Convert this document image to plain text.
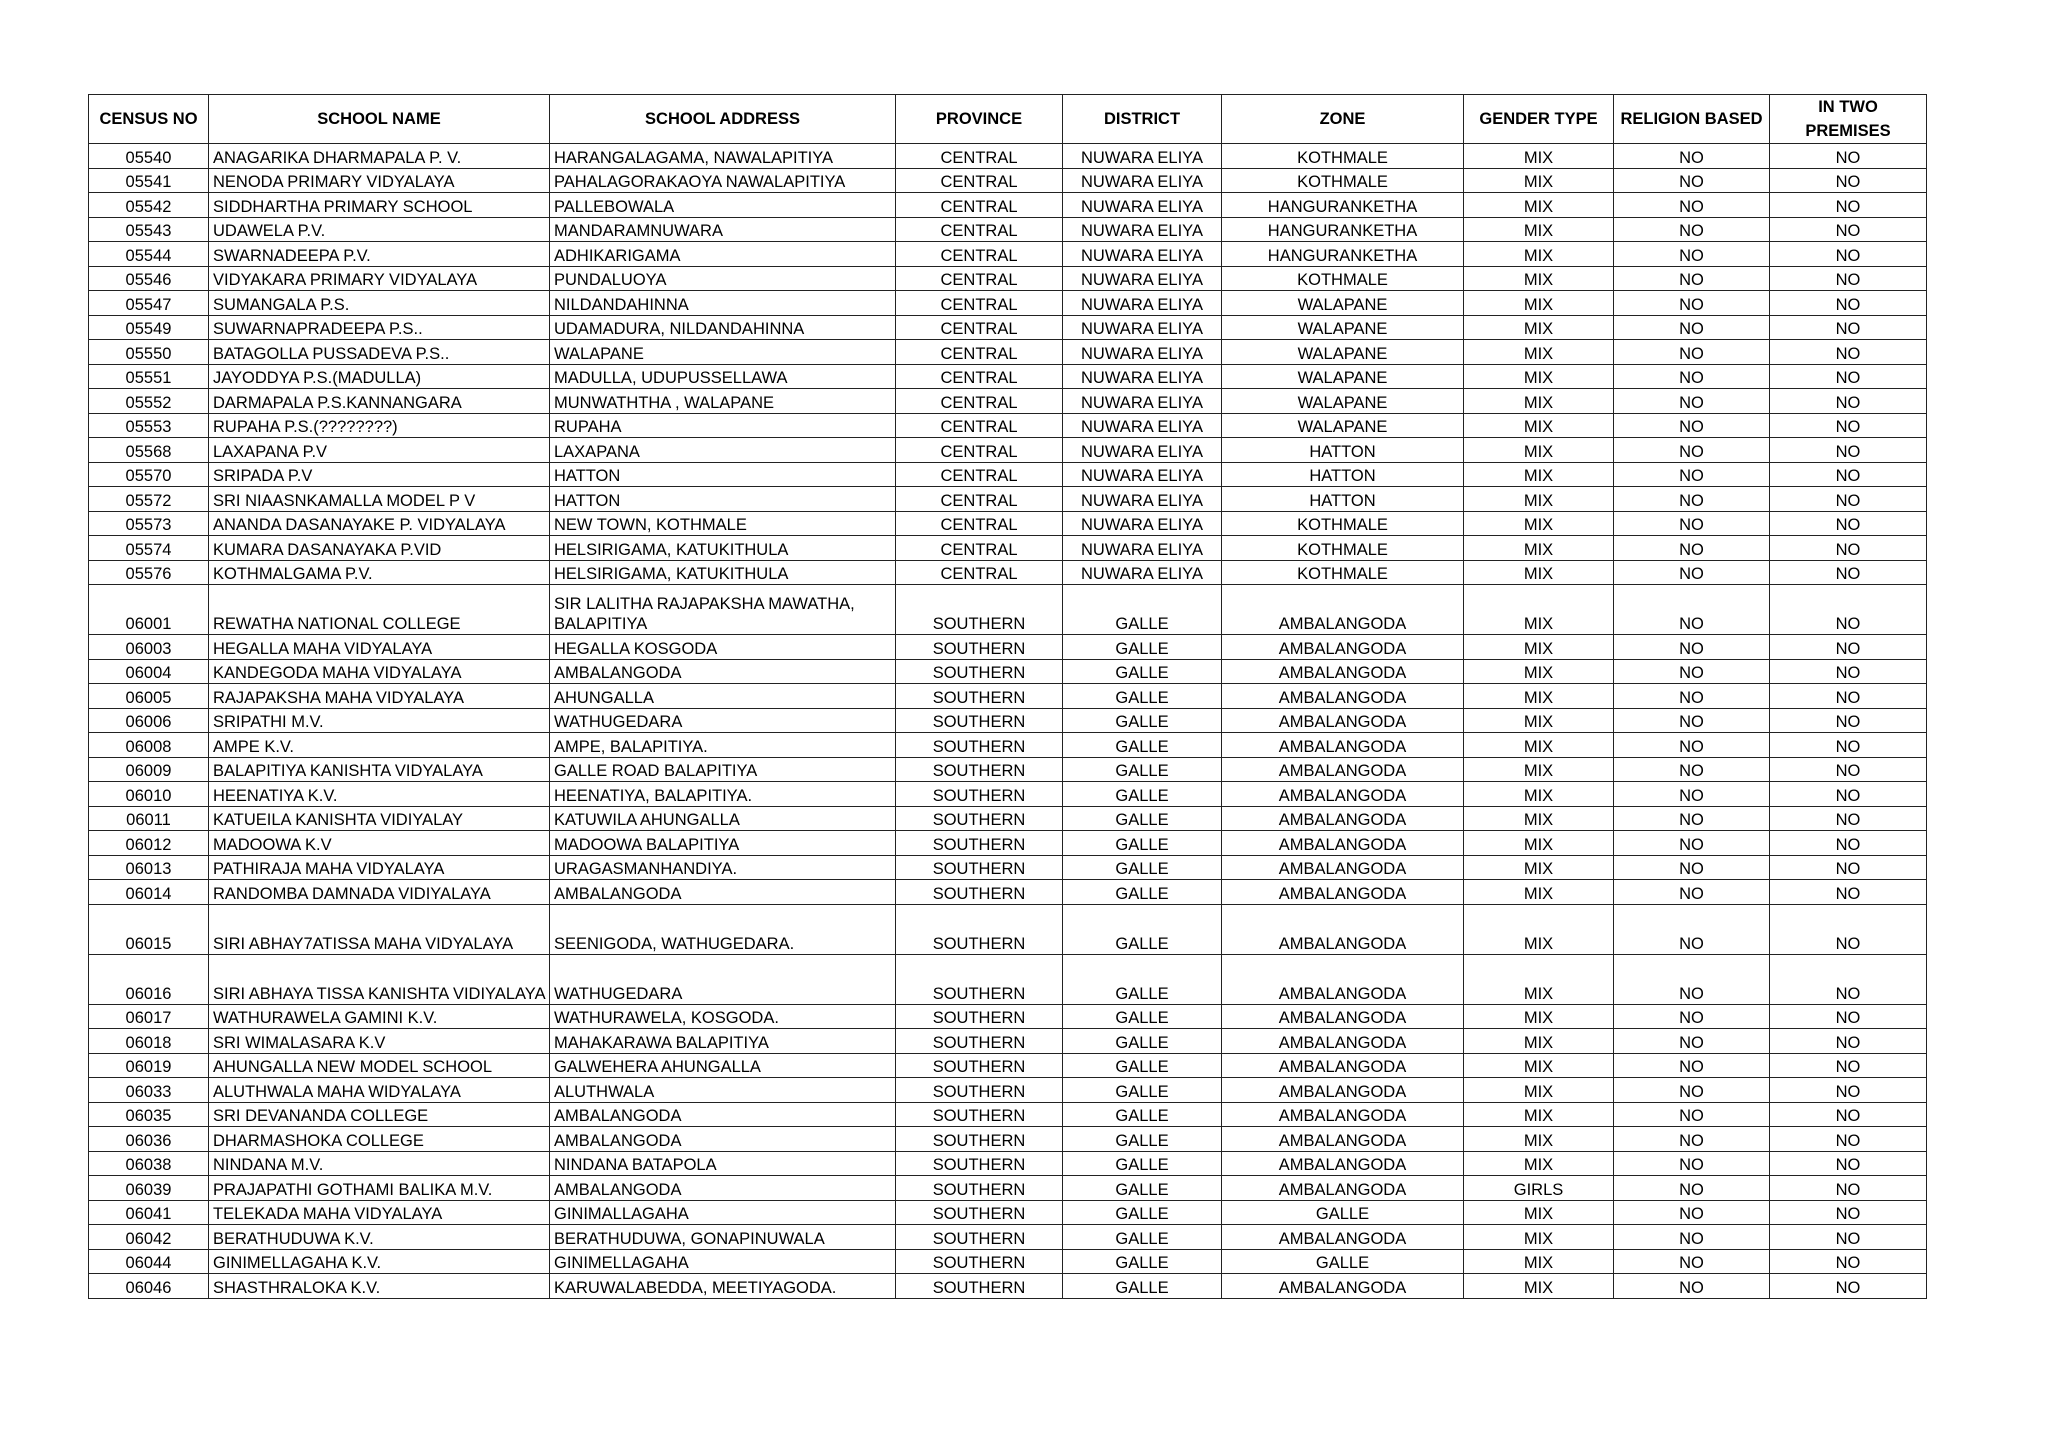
CENSUS NO	SCHOOL NAME	SCHOOL ADDRESS	PROVINCE	DISTRICT	ZONE	GENDER TYPE	RELIGION BASED	IN TWO PREMISES
05540	ANAGARIKA DHARMAPALA P. V.	HARANGALAGAMA, NAWALAPITIYA	CENTRAL	NUWARA ELIYA	KOTHMALE	MIX	NO	NO
05541	NENODA PRIMARY VIDYALAYA	PAHALAGORAKAOYA NAWALAPITIYA	CENTRAL	NUWARA ELIYA	KOTHMALE	MIX	NO	NO
05542	SIDDHARTHA PRIMARY SCHOOL	PALLEBOWALA	CENTRAL	NUWARA ELIYA	HANGURANKETHA	MIX	NO	NO
05543	UDAWELA P.V.	MANDARAMNUWARA	CENTRAL	NUWARA ELIYA	HANGURANKETHA	MIX	NO	NO
05544	SWARNADEEPA P.V.	ADHIKARIGAMA	CENTRAL	NUWARA ELIYA	HANGURANKETHA	MIX	NO	NO
05546	VIDYAKARA PRIMARY VIDYALAYA	PUNDALUOYA	CENTRAL	NUWARA ELIYA	KOTHMALE	MIX	NO	NO
05547	SUMANGALA P.S.	NILDANDAHINNA	CENTRAL	NUWARA ELIYA	WALAPANE	MIX	NO	NO
05549	SUWARNAPRADEEPA P.S..	UDAMADURA, NILDANDAHINNA	CENTRAL	NUWARA ELIYA	WALAPANE	MIX	NO	NO
05550	BATAGOLLA PUSSADEVA P.S..	WALAPANE	CENTRAL	NUWARA ELIYA	WALAPANE	MIX	NO	NO
05551	JAYODDYA P.S.(MADULLA)	MADULLA, UDUPUSSELLAWA	CENTRAL	NUWARA ELIYA	WALAPANE	MIX	NO	NO
05552	DARMAPALA P.S.KANNANGARA	MUNWATHTHA , WALAPANE	CENTRAL	NUWARA ELIYA	WALAPANE	MIX	NO	NO
05553	RUPAHA P.S.(????????)	RUPAHA	CENTRAL	NUWARA ELIYA	WALAPANE	MIX	NO	NO
05568	LAXAPANA P.V	LAXAPANA	CENTRAL	NUWARA ELIYA	HATTON	MIX	NO	NO
05570	SRIPADA P.V	HATTON	CENTRAL	NUWARA ELIYA	HATTON	MIX	NO	NO
05572	SRI NIAASNKAMALLA MODEL P V	HATTON	CENTRAL	NUWARA ELIYA	HATTON	MIX	NO	NO
05573	ANANDA DASANAYAKE P. VIDYALAYA	NEW TOWN, KOTHMALE	CENTRAL	NUWARA ELIYA	KOTHMALE	MIX	NO	NO
05574	KUMARA DASANAYAKA P.VID	HELSIRIGAMA, KATUKITHULA	CENTRAL	NUWARA ELIYA	KOTHMALE	MIX	NO	NO
05576	KOTHMALGAMA P.V.	HELSIRIGAMA, KATUKITHULA	CENTRAL	NUWARA ELIYA	KOTHMALE	MIX	NO	NO
06001	REWATHA NATIONAL COLLEGE	SIR LALITHA RAJAPAKSHA MAWATHA, BALAPITIYA	SOUTHERN	GALLE	AMBALANGODA	MIX	NO	NO
06003	HEGALLA MAHA VIDYALAYA	HEGALLA KOSGODA	SOUTHERN	GALLE	AMBALANGODA	MIX	NO	NO
06004	KANDEGODA MAHA VIDYALAYA	AMBALANGODA	SOUTHERN	GALLE	AMBALANGODA	MIX	NO	NO
06005	RAJAPAKSHA MAHA VIDYALAYA	AHUNGALLA	SOUTHERN	GALLE	AMBALANGODA	MIX	NO	NO
06006	SRIPATHI M.V.	WATHUGEDARA	SOUTHERN	GALLE	AMBALANGODA	MIX	NO	NO
06008	AMPE K.V.	AMPE, BALAPITIYA.	SOUTHERN	GALLE	AMBALANGODA	MIX	NO	NO
06009	BALAPITIYA KANISHTA VIDYALAYA	GALLE ROAD BALAPITIYA	SOUTHERN	GALLE	AMBALANGODA	MIX	NO	NO
06010	HEENATIYA K.V.	HEENATIYA, BALAPITIYA.	SOUTHERN	GALLE	AMBALANGODA	MIX	NO	NO
06011	KATUEILA KANISHTA VIDIYALAY	KATUWILA AHUNGALLA	SOUTHERN	GALLE	AMBALANGODA	MIX	NO	NO
06012	MADOOWA K.V	MADOOWA BALAPITIYA	SOUTHERN	GALLE	AMBALANGODA	MIX	NO	NO
06013	PATHIRAJA MAHA VIDYALAYA	URAGASMANHANDIYA.	SOUTHERN	GALLE	AMBALANGODA	MIX	NO	NO
06014	RANDOMBA DAMNADA VIDIYALAYA	AMBALANGODA	SOUTHERN	GALLE	AMBALANGODA	MIX	NO	NO
06015	SIRI ABHAY7ATISSA MAHA VIDYALAYA	SEENIGODA, WATHUGEDARA.	SOUTHERN	GALLE	AMBALANGODA	MIX	NO	NO
06016	SIRI ABHAYA TISSA KANISHTA VIDIYALAYA	WATHUGEDARA	SOUTHERN	GALLE	AMBALANGODA	MIX	NO	NO
06017	WATHURAWELA GAMINI K.V.	WATHURAWELA, KOSGODA.	SOUTHERN	GALLE	AMBALANGODA	MIX	NO	NO
06018	SRI WIMALASARA K.V	MAHAKARAWA BALAPITIYA	SOUTHERN	GALLE	AMBALANGODA	MIX	NO	NO
06019	AHUNGALLA NEW MODEL SCHOOL	GALWEHERA AHUNGALLA	SOUTHERN	GALLE	AMBALANGODA	MIX	NO	NO
06033	ALUTHWALA MAHA WIDYALAYA	ALUTHWALA	SOUTHERN	GALLE	AMBALANGODA	MIX	NO	NO
06035	SRI DEVANANDA COLLEGE	AMBALANGODA	SOUTHERN	GALLE	AMBALANGODA	MIX	NO	NO
06036	DHARMASHOKA COLLEGE	AMBALANGODA	SOUTHERN	GALLE	AMBALANGODA	MIX	NO	NO
06038	NINDANA M.V.	NINDANA BATAPOLA	SOUTHERN	GALLE	AMBALANGODA	MIX	NO	NO
06039	PRAJAPATHI GOTHAMI BALIKA M.V.	AMBALANGODA	SOUTHERN	GALLE	AMBALANGODA	GIRLS	NO	NO
06041	TELEKADA MAHA VIDYALAYA	GINIMALLAGAHA	SOUTHERN	GALLE	GALLE	MIX	NO	NO
06042	BERATHUDUWA K.V.	BERATHUDUWA, GONAPINUWALA	SOUTHERN	GALLE	AMBALANGODA	MIX	NO	NO
06044	GINIMELLAGAHA K.V.	GINIMELLAGAHA	SOUTHERN	GALLE	GALLE	MIX	NO	NO
06046	SHASTHRALOKA K.V.	KARUWALABEDDA, MEETIYAGODA.	SOUTHERN	GALLE	AMBALANGODA	MIX	NO	NO
